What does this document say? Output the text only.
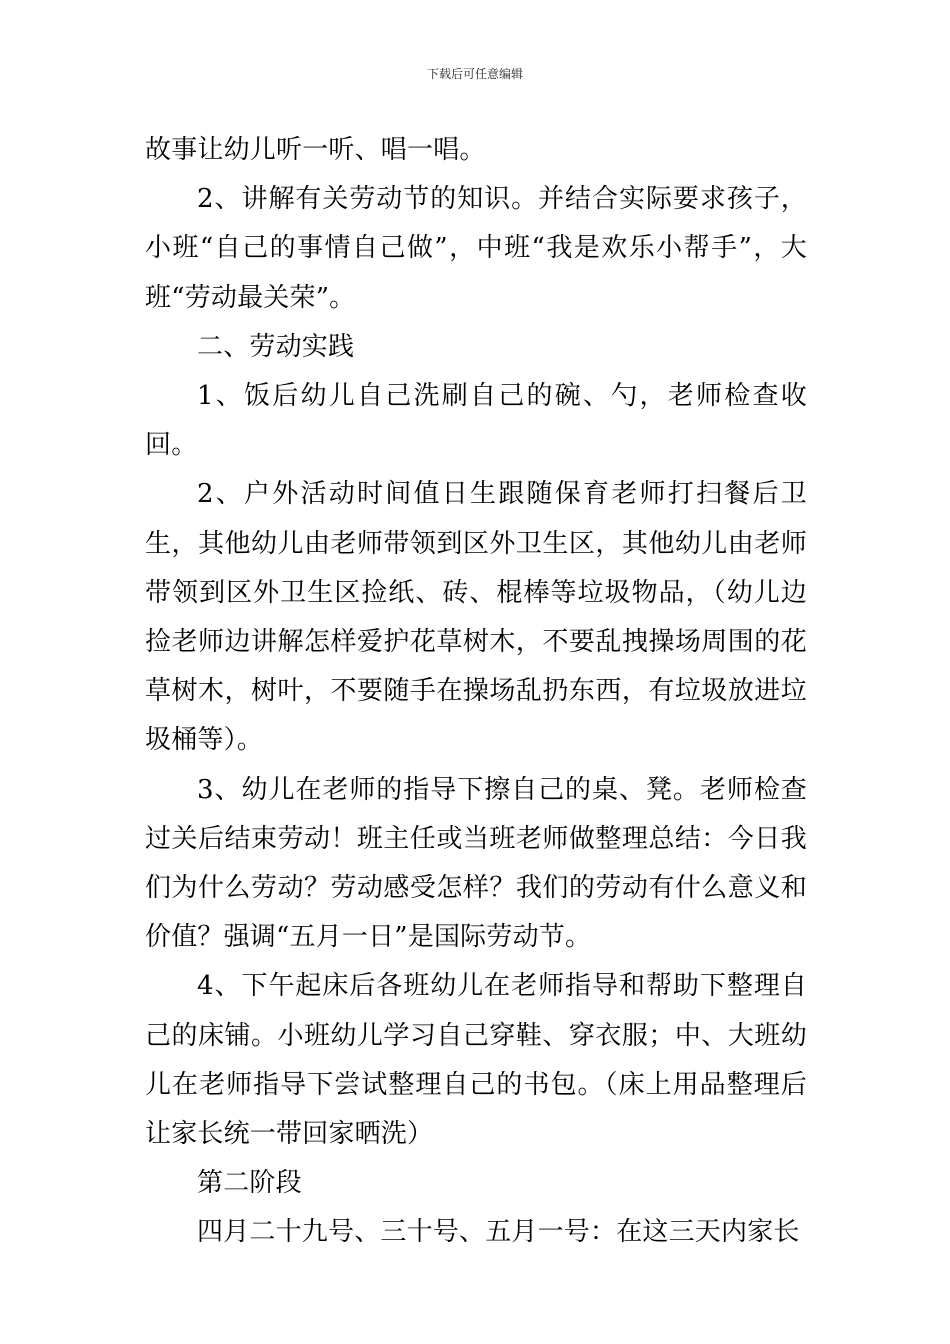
下载后可任意编辑

故事让幼儿听一听、唱一唱。

2、讲解有关劳动节的知识。并结合实际要求孩子，小班“自己的事情自己做”，中班“我是欢乐小帮手”，大班“劳动最关荣”。

二、劳动实践

1、饭后幼儿自己洗刷自己的碗、勺，老师检查收回。

2、户外活动时间值日生跟随保育老师打扫餐后卫生，其他幼儿由老师带领到区外卫生区，其他幼儿由老师带领到区外卫生区捡纸、砖、棍棒等垃圾物品，（幼儿边捡老师边讲解怎样爱护花草树木，不要乱拽操场周围的花草树木，树叶，不要随手在操场乱扔东西，有垃圾放进垃圾桶等）。

3、幼儿在老师的指导下擦自己的桌、凳。老师检查过关后结束劳动！班主任或当班老师做整理总结：今日我们为什么劳动？劳动感受怎样？我们的劳动有什么意义和价值？强调“五月一日”是国际劳动节。

4、下午起床后各班幼儿在老师指导和帮助下整理自己的床铺。小班幼儿学习自己穿鞋、穿衣服；中、大班幼儿在老师指导下尝试整理自己的书包。（床上用品整理后让家长统一带回家晒洗）

第二阶段

四月二十九号、三十号、五月一号：在这三天内家长
